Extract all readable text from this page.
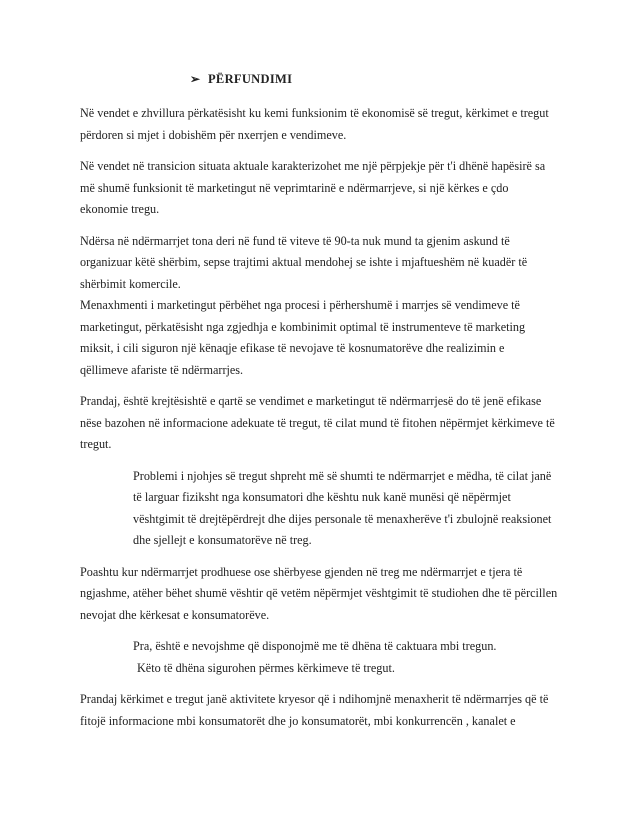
➢ PËRFUNDIMI
Në vendet e zhvillura përkatësisht ku kemi funksionim të ekonomisë së tregut, kërkimet e tregut
përdoren si mjet i dobishëm për nxerrjen e vendimeve.
Në vendet në transicion situata aktuale karakterizohet me një përpjekje për t'i dhënë hapësirë sa
më shumë funksionit të marketingut në veprimtarinë e ndërmarrjeve, si një kërkes e çdo
ekonomie tregu.
Ndërsa në ndërmarrjet tona deri në fund të viteve të 90-ta nuk mund ta gjenim askund të
organizuar këtë shërbim, sepse trajtimi aktual mendohej se ishte i mjaftueshëm në kuadër të
shërbimit komercile.
Menaxhmenti i marketingut përbëhet nga procesi i përhershumë i marrjes së vendimeve të
marketingut, përkatësisht nga zgjedhja e kombinimit optimal të instrumenteve të marketing
miksit, i cili siguron një kënaqje efikase të nevojave të kosnumatorëve dhe realizimin e
qëllimeve afariste të ndërmarrjes.
Prandaj, është krejtësishtë e qartë se vendimet e marketingut të ndërmarrjesë do të jenë efikase
nëse bazohen në informacione adekuate të tregut, të cilat mund të fitohen nëpërmjet kërkimeve të
tregut.
Problemi i njohjes së tregut shpreht më së shumti te ndërmarrjet e mëdha, të cilat janë
të larguar fiziksht nga konsumatori dhe kështu nuk kanë munësi që nëpërmjet
vështgimit të drejtëpërdrejt dhe dijes personale të menaxherëve t'i zbulojnë reaksionet
dhe sjellejt e konsumatorëve në treg.
Poashtu kur ndërmarrjet prodhuese ose shërbyese gjenden në treg me ndërmarrjet e tjera të
ngjashme, atëher bëhet shumë vështir që vetëm nëpërmjet vështgimit të studiohen dhe të përcillen
nevojat dhe kërkesat e konsumatorëve.
Pra, është e nevojshme që disponojmë me të dhëna të caktuara mbi tregun.
Këto të dhëna sigurohen përmes kërkimeve të tregut.
Prandaj kërkimet e tregut janë aktivitete kryesor që i ndihomjnë menaxherit të ndërmarrjes që të
fitojë informacione mbi konsumatorët dhe jo konsumatorët, mbi konkurrencën , kanalet e
